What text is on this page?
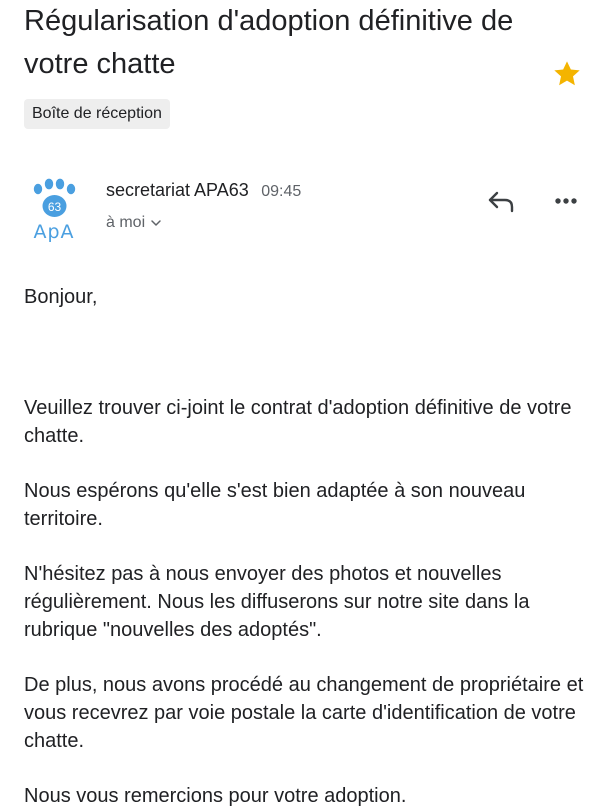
Régularisation d'adoption définitive de votre chatte
Boîte de réception
63
ApA
secretariat APA63 09:45
à moi

Bonjour,

Veuillez trouver ci-joint le contrat d'adoption définitive de votre chatte.

Nous espérons qu'elle s'est bien adaptée à son nouveau territoire.

N'hésitez pas à nous envoyer des photos et nouvelles régulièrement. Nous les diffuserons sur notre site dans la rubrique "nouvelles des adoptés".

De plus, nous avons procédé au changement de propriétaire et vous recevrez par voie postale la carte d'identification de votre chatte.

Nous vous remercions pour votre adoption.
